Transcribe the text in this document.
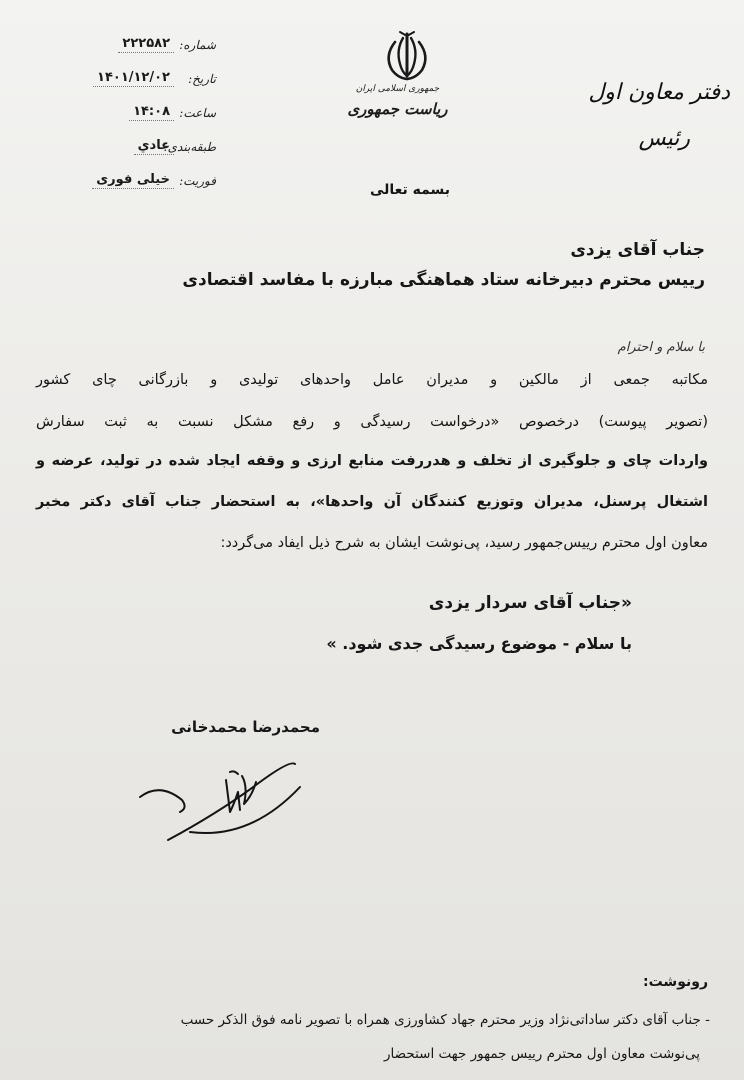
شماره:
۲۲۲۵۸۲
تاریخ:
۱۴۰۱/۱۲/۰۲
ساعت:
۱۴:۰۸
طبقه‌بندی:
عادي
فوریت:
خیلی فوری
جمهوری اسلامی ایران
ریاست جمهوری
بسمه تعالی
دفتر معاون اول
رئیس
جناب آقای یزدی
رییس محترم دبیرخانه ستاد هماهنگی مبارزه با مفاسد اقتصادی
با سلام و احترام
مکاتبه جمعی از مالکین و مدیران عامل واحدهای تولیدی و بازرگانی چای کشور
(تصویر پیوست) درخصوص «درخواست رسیدگی و رفع مشکل نسبت به ثبت سفارش
واردات چای و جلوگیری از تخلف و هدررفت منابع ارزی و وقفه ایجاد شده در تولید، عرضه و
اشتغال پرسنل، مدیران وتوزیع کنندگان آن واحدها»، به استحضار جناب آقای دکتر مخبر
معاون اول محترم رییس‌جمهور رسید، پی‌نوشت ایشان به شرح ذیل ایفاد می‌گردد:
«جناب آقای سردار یزدی
با سلام - موضوع رسیدگی جدی شود. »
محمدرضا محمدخانی
رونوشت:
- جناب آقای دکتر ساداتی‌نژاد وزیر محترم جهاد کشاورزی همراه با تصویر نامه فوق الذکر حسب
پی‌نوشت معاون اول محترم رییس جمهور جهت استحضار
